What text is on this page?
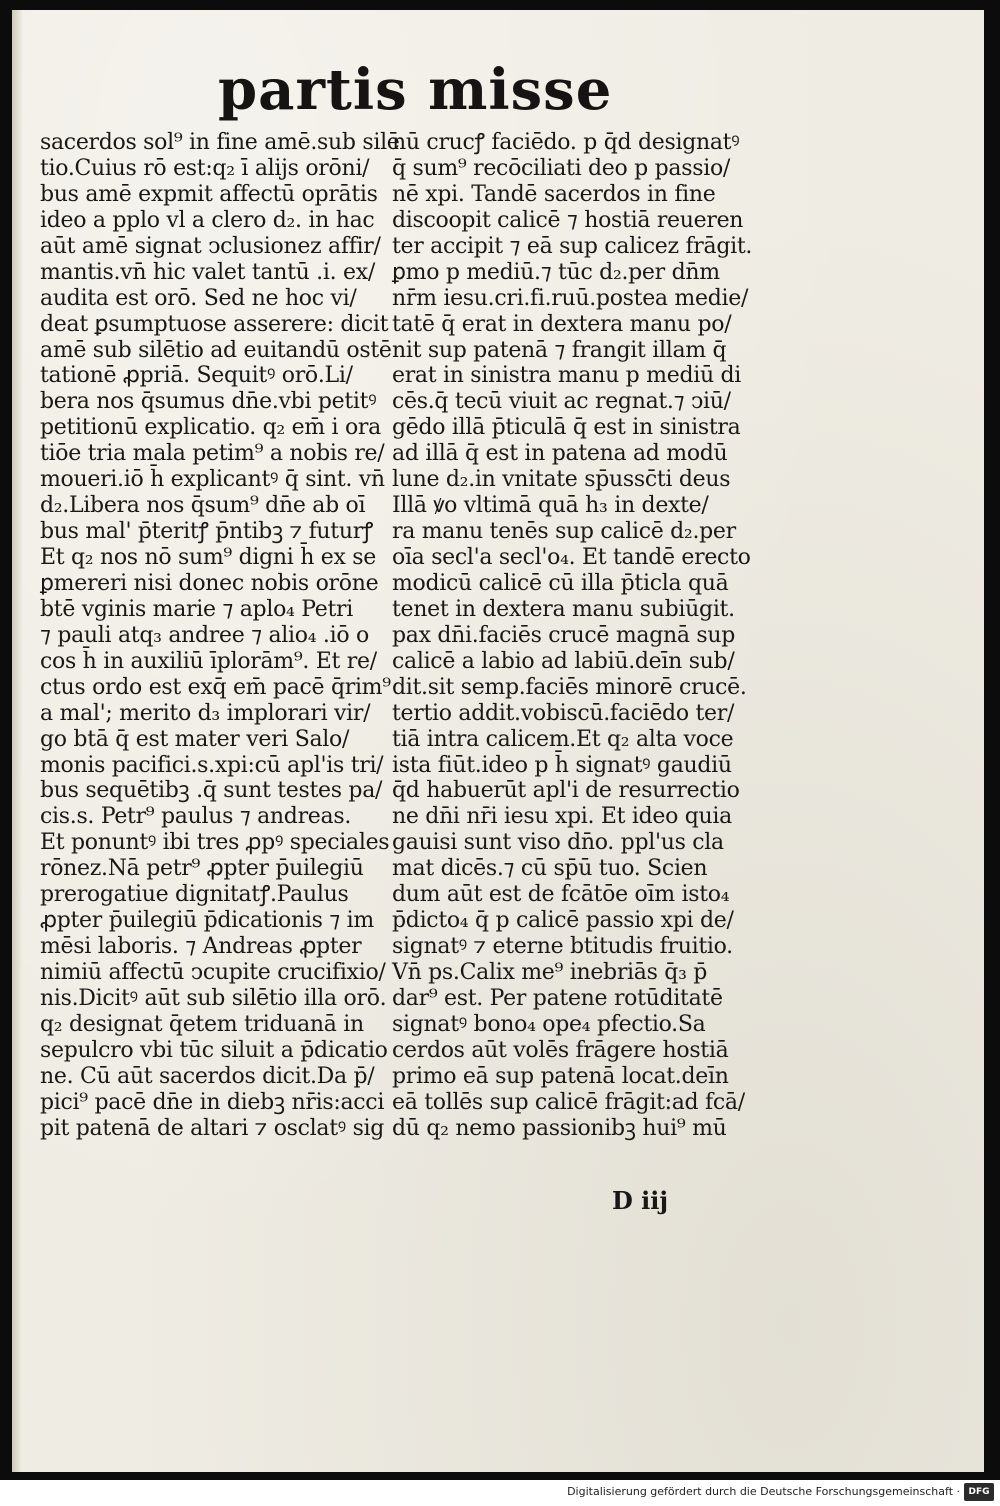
partis misse
sacerdos sol⁹ in fine amē.sub silē
tio.Cuius rō est:q₂ ī alijs orōni/
bus amē expmit affectū oprātis
ideo a pplo vl a clero d₂. in hac
aūt amē signat ↄclusionez affir/
mantis.vn̄ hic valet tantū .i. ex/
audita est orō. Sed ne hoc vi/
deat ꝑsumptuose asserere: dicit
amē sub silētio ad euitandū ostē
tationē ꝓpriā. Sequitꝰ orō.Li/
bera nos q̄sumus dn̄e.vbi petitꝰ
petitionū explicatio. q₂ em̄ i ora
tiōe tria mala petim⁹ a nobis re/
moueri.iō h̄ explicantꝰ q̄ sint. vn̄
d₂.Libera nos q̄sum⁹ dn̄e ab oī
bus mal' p̄teritꝭ p̄ntibꝫ ⁊ futurꝭ
Et q₂ nos nō sum⁹ digni h̄ ex se
ꝑmereri nisi donec nobis orōne
btē vginis marie ⁊ aplo₄ Petri
⁊ pauli atq₃ andree ⁊ alio₄ .iō o
cos h̄ in auxiliū īplorām⁹. Et re/
ctus ordo est exq̄ em̄ pacē q̄rim⁹
a mal'; merito d₃ implorari vir/
go btā q̄ est mater veri Salo/
monis pacifici.s.xpi:cū apl'is tri/
bus sequētibꝫ .q̄ sunt testes pa/
cis.s. Petr⁹ paulus ⁊ andreas.
Et ponuntꝰ ibi tres ꝓpꝰ speciales
rōnez.Nā petr⁹ ꝓpter p̄uilegiū
prerogatiue dignitatꝭ.Paulus
ꝓpter p̄uilegiū p̄dicationis ⁊ im
mēsi laboris. ⁊ Andreas ꝓpter
nimiū affectū ↄcupite crucifixio/
nis.Dicitꝰ aūt sub silētio illa orō.
q₂ designat q̄etem triduanā in
sepulcro vbi tūc siluit a p̄dicatio
ne. Cū aūt sacerdos dicit.Da p̄/
pici⁹ pacē dn̄e in diebꝫ nr̄is:acci
pit patenā de altari ⁊ osclatꝰ sig
nū crucꝭ faciēdo. p q̄d designatꝰ
q̄ sum⁹ recōciliati deo p passio/
nē xpi. Tandē sacerdos in fine
discoopit calicē ⁊ hostiā reueren
ter accipit ⁊ eā sup calicez frāgit.
ꝑmo p mediū.⁊ tūc d₂.per dn̄m
nr̄m iesu.cri.fi.ruū.postea medie/
tatē q̄ erat in dextera manu po/
nit sup patenā ⁊ frangit illam q̄
erat in sinistra manu p mediū di
cēs.q̄ tecū viuit ac regnat.⁊ ↄiū/
gēdo illā p̄ticulā q̄ est in sinistra
ad illā q̄ est in patena ad modū
lune d₂.in vnitate sp̄ussc̄ti deus
Illā ꝟo vltimā quā h₃ in dexte/
ra manu tenēs sup calicē d₂.per
oīa secl'a secl'o₄. Et tandē erecto
modicū calicē cū illa p̄ticla quā
tenet in dextera manu subiūgit.
pax dn̄i.faciēs crucē magnā sup
calicē a labio ad labiū.deīn sub/
dit.sit semp.faciēs minorē crucē.
tertio addit.vobiscū.faciēdo ter/
tiā intra calicem.Et q₂ alta voce
ista fiūt.ideo p h̄ signatꝰ gaudiū
q̄d habuerūt apl'i de resurrectio
ne dn̄i nr̄i iesu xpi. Et ideo quia
gauisi sunt viso dn̄o. ppl'us cla
mat dicēs.⁊ cū sp̄ū tuo. Scien
dum aūt est de fcātōe oīm isto₄
p̄dicto₄ q̄ p calicē passio xpi de/
signatꝰ ⁊ eterne btitudis fruitio.
Vn̄ ps.Calix me⁹ inebriās q̄₃ p̄
dar⁹ est. Per patene rotūditatē
signatꝰ bono₄ ope₄ pfectio.Sa
cerdos aūt volēs frāgere hostiā
primo eā sup patenā locat.deīn
eā tollēs sup calicē frāgit:ad fcā/
dū q₂ nemo passionibꝫ hui⁹ mū
D iij
Digitalisierung gefördert durch die Deutsche Forschungsgemeinschaft · DFG
